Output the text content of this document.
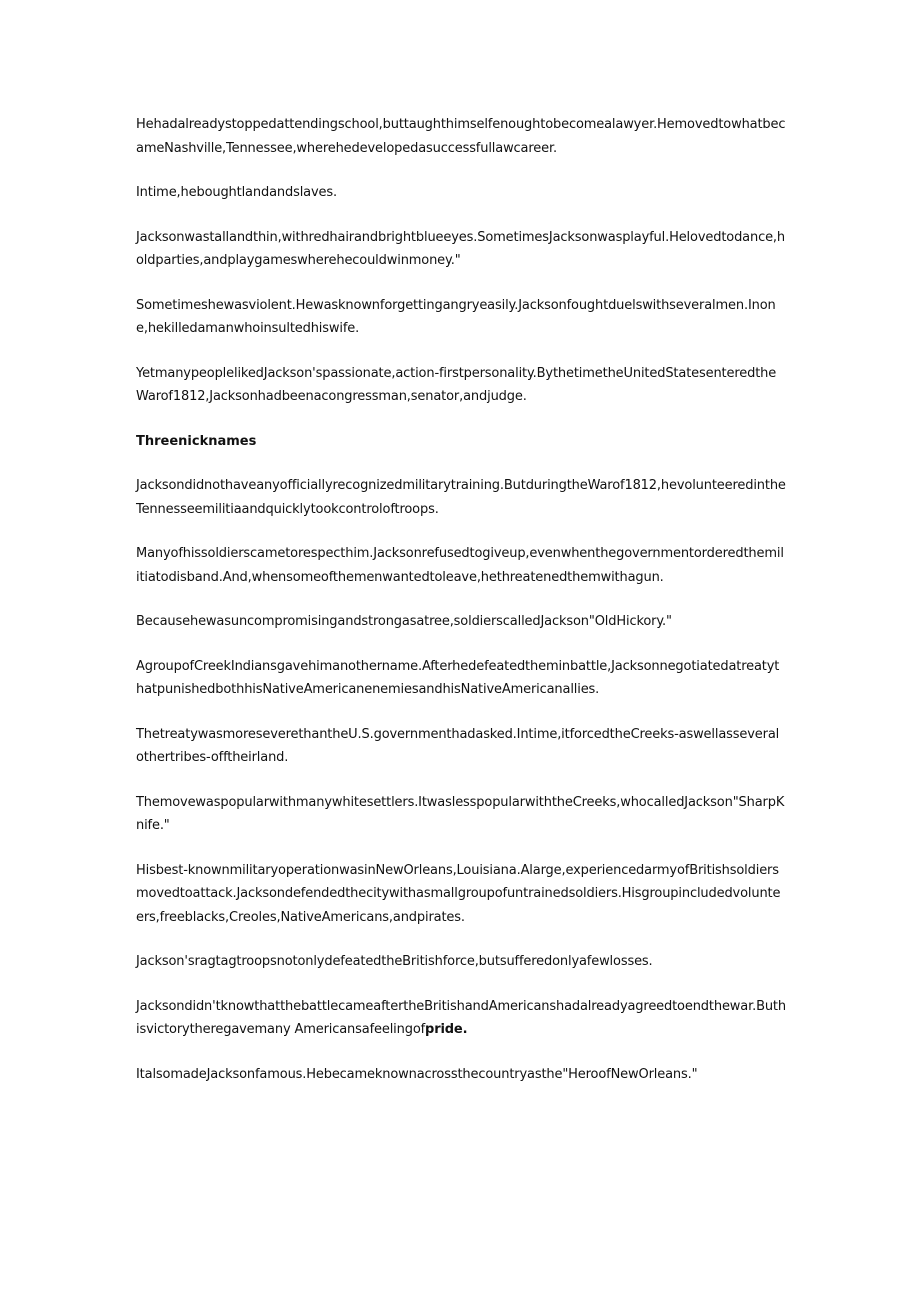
Hehadalreadystoppedattendingschool,buttaughthimselfenoughtobecomealawyer.HemovedtowhatbecameNashville,Tennessee,wherehedevelopedasuccessfullawcareer.

Intime,heboughtlandandslaves.

Jacksonwastallandthin,withredhairandbrightblueeyes.SometimesJacksonwasplayful.Helovedtodance,holdparties,andplaygameswherehecouldwinmoney."

Sometimeshewasviolent.Hewasknownforgettingangryeasily.Jacksonfoughtduelswithseveralmen.Inone,hekilledamanwhoinsultedhiswife.

YetmanypeoplelikedJackson'spassionate,action-firstpersonality.BythetimetheUnitedStatesenteredtheWarof1812,Jacksonhadbeenacongressman,senator,andjudge.

Threenicknames

Jacksondidnothaveanyofficiallyrecognizedmilitarytraining.ButduringtheWarof1812,hevolunteeredintheTennesseemilitiaandquicklytookcontroloftroops.

Manyofhissoldierscametorespecthim.Jacksonrefusedtogiveup,evenwhenthegovernmentorderedthemilitiatodisband.And,whensomeofthemenwantedtoleave,hethreatenedthemwithagun.

Becausehewasuncompromisingandstrongasatree,soldierscalledJackson"OldHickory."

AgroupofCreekIndiansgavehimanothername.Afterhedefeatedtheminbattle,JacksonnegotiatedatreatythatpunishedbothhisNativeAmericanenemiesandhisNativeAmericanallies.

ThetreatywasmoreseverethantheU.S.governmenthadasked.Intime,itforcedtheCreeks-aswellasseveralothertribes-offtheirland.

Themovewaspopularwithmanywhitesettlers.ItwaslesspopularwiththeCreeks,whocalledJackson"SharpKnife."

Hisbest-knownmilitaryoperationwasinNewOrleans,Louisiana.Alarge,experiencedarmyofBritishsoldiersmovedtoattack.Jacksondefendedthecitywithasmallgroupofuntrainedsoldiers.Hisgroupincludedvolunteers,freeblacks,Creoles,NativeAmericans,andpirates.

Jackson'sragtagtroopsnotonlydefeatedtheBritishforce,butsufferedonlyafewlosses.

Jacksondidn'tknowthatthebattlecameaftertheBritishandAmericanshadalreadyagreedtoendthewar.Buthisvictorytheregavemany Americansafeelingofpride.

ItalsomadeJacksonfamous.Hebecameknownacrossthecountryasthe"HeroofNewOrleans."
